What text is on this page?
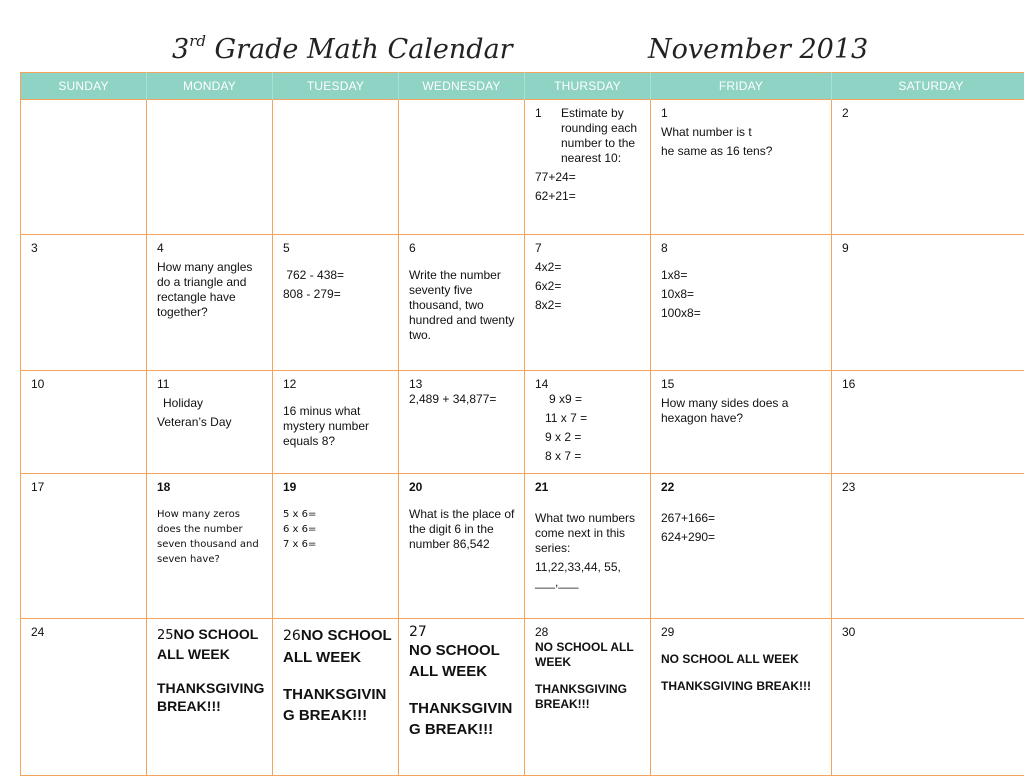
3rd Grade Math Calendar	November 2013
SUNDAY	MONDAY	TUESDAY	WEDNESDAY	THURSDAY	FRIDAY	SATURDAY

				1 Estimate by rounding each number to the nearest 10:
77+24=
62+21=	1
What number is t
he same as 16 tens?	2

3	4
How many angles do a triangle and rectangle have together?	5
762 - 438=
808 - 279=	6
Write the number seventy five thousand, two hundred and twenty two.	7
4x2=
6x2=
8x2=	8
1x8=
10x8=
100x8=	9

10	11
Holiday
Veteran’s Day	12
16 minus what mystery number equals 8?	13
2,489 + 34,877=	14
9 x9 =
11 x 7 =
9 x 2 =
8 x 7 =	15
How many sides does a hexagon have?	16

17	18
How many zeros does the number seven thousand and seven have?	19
5 x 6=
6 x 6=
7 x 6=	20
What is the place of the digit 6 in the number 86,542	21
What two numbers come next in this series:
11,22,33,44, 55, ___,___	22
267+166=
624+290=	23

24	25NO SCHOOL ALL WEEK
THANKSGIVING BREAK!!!	26NO SCHOOL ALL WEEK
THANKSGIVING BREAK!!!	27
NO SCHOOL ALL WEEK
THANKSGIVING BREAK!!!	28
NO SCHOOL ALL WEEK
THANKSGIVING BREAK!!!	29
NO SCHOOL ALL WEEK
THANKSGIVING BREAK!!!	30
